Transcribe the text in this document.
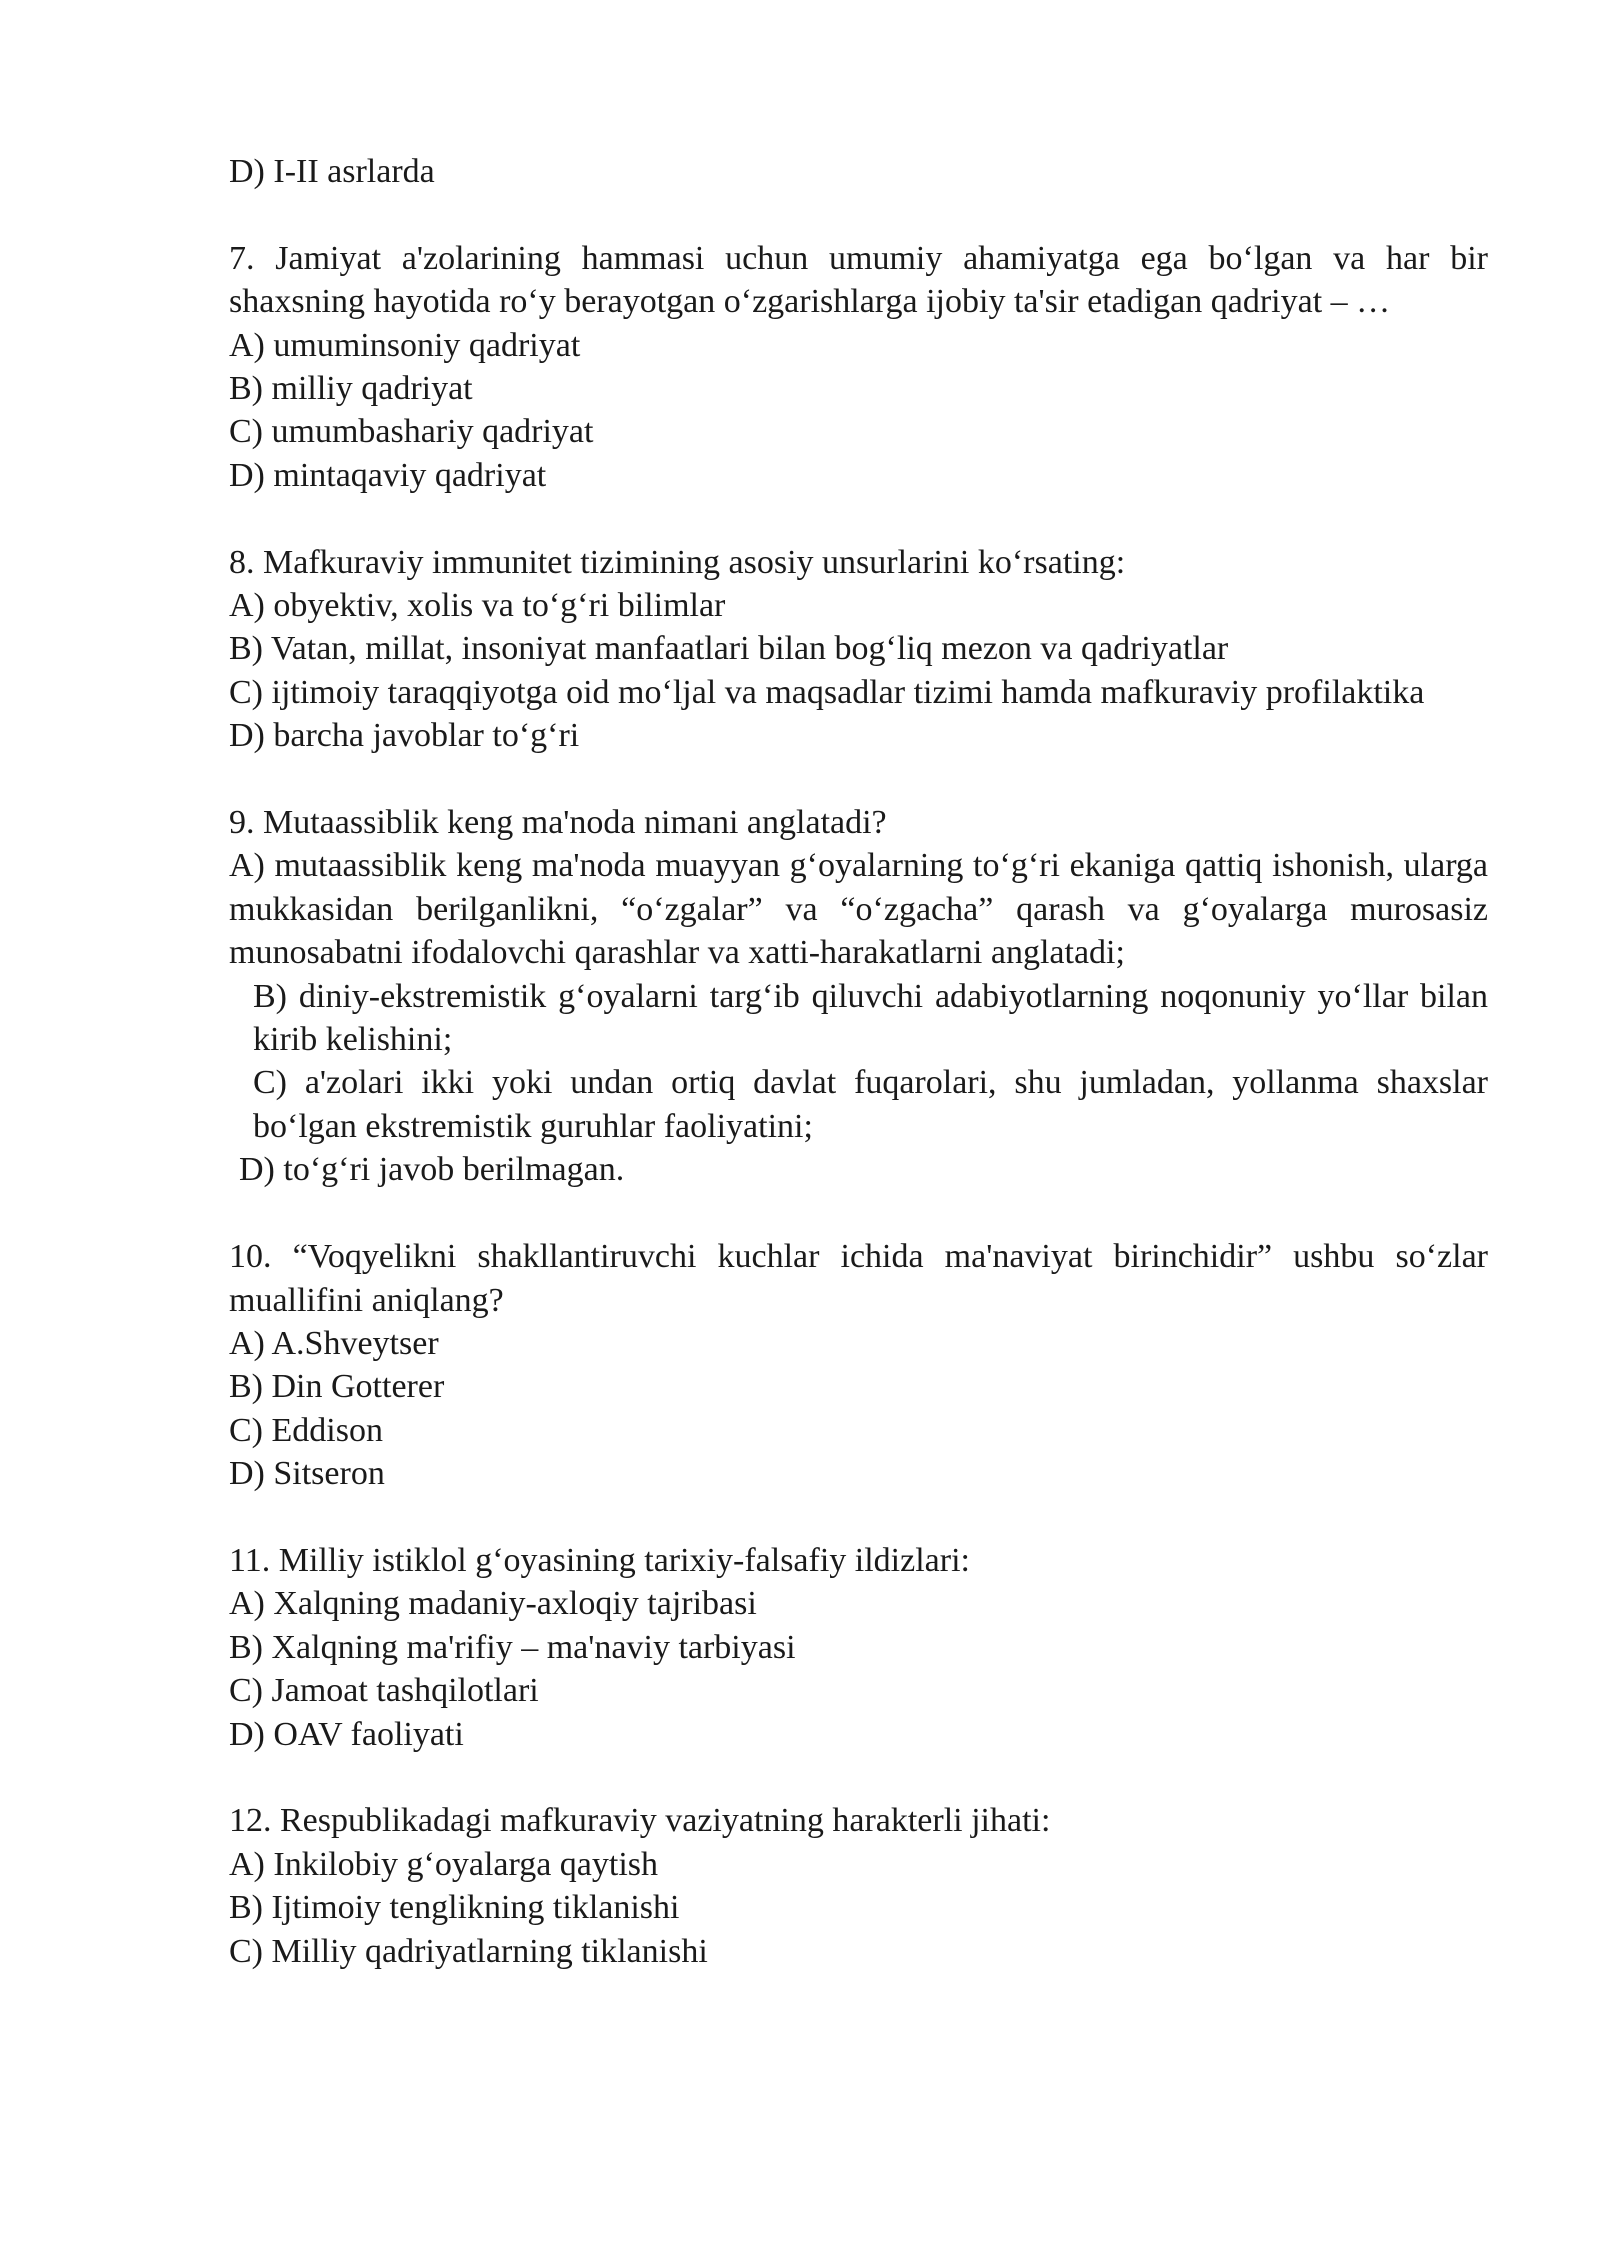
D) I-II asrlarda
7. Jamiyat a'zolarining hammasi uchun umumiy ahamiyatga ega bo‘lgan va har bir shaxsning hayotida ro‘y berayotgan o‘zgarishlarga ijobiy ta'sir etadigan qadriyat – …
A) umuminsoniy qadriyat
B) milliy qadriyat
C) umumbashariy qadriyat
D) mintaqaviy qadriyat
8. Mafkuraviy immunitet tizimining asosiy unsurlarini ko‘rsating:
A) obyektiv, xolis va to‘g‘ri bilimlar
B) Vatan, millat, insoniyat manfaatlari bilan bog‘liq mezon va qadriyatlar
C) ijtimoiy taraqqiyotga oid mo‘ljal va maqsadlar tizimi hamda mafkuraviy profilaktika
D) barcha javoblar to‘g‘ri
9. Mutaassiblik keng ma'noda nimani anglatadi?
A) mutaassiblik keng ma'noda muayyan g‘oyalarning to‘g‘ri ekaniga qattiq ishonish, ularga mukkasidan berilganlikni, “o‘zgalar” va “o‘zgacha” qarash va g‘oyalarga murosasiz munosabatni ifodalovchi qarashlar va xatti-harakatlarni anglatadi;
B) diniy-ekstremistik g‘oyalarni targ‘ib qiluvchi adabiyotlarning noqonuniy yo‘llar bilan kirib kelishini;
C) a'zolari ikki yoki undan ortiq davlat fuqarolari, shu jumladan, yollanma shaxslar bo‘lgan ekstremistik guruhlar faoliyatini;
D) to‘g‘ri javob berilmagan.
10. “Voqyelikni shakllantiruvchi kuchlar ichida ma'naviyat birinchidir” ushbu so‘zlar muallifini aniqlang?
A) A.Shveytser
B) Din Gotterer
C) Eddison
D) Sitseron
11. Milliy istiklol g‘oyasining tarixiy-falsafiy ildizlari:
A) Xalqning madaniy-axloqiy tajribasi
B) Xalqning ma'rifiy – ma'naviy tarbiyasi
C) Jamoat tashqilotlari
D) OAV faoliyati
12. Respublikadagi mafkuraviy vaziyatning harakterli jihati:
A) Inkilobiy g‘oyalarga qaytish
B) Ijtimoiy tenglikning tiklanishi
C) Milliy qadriyatlarning tiklanishi
